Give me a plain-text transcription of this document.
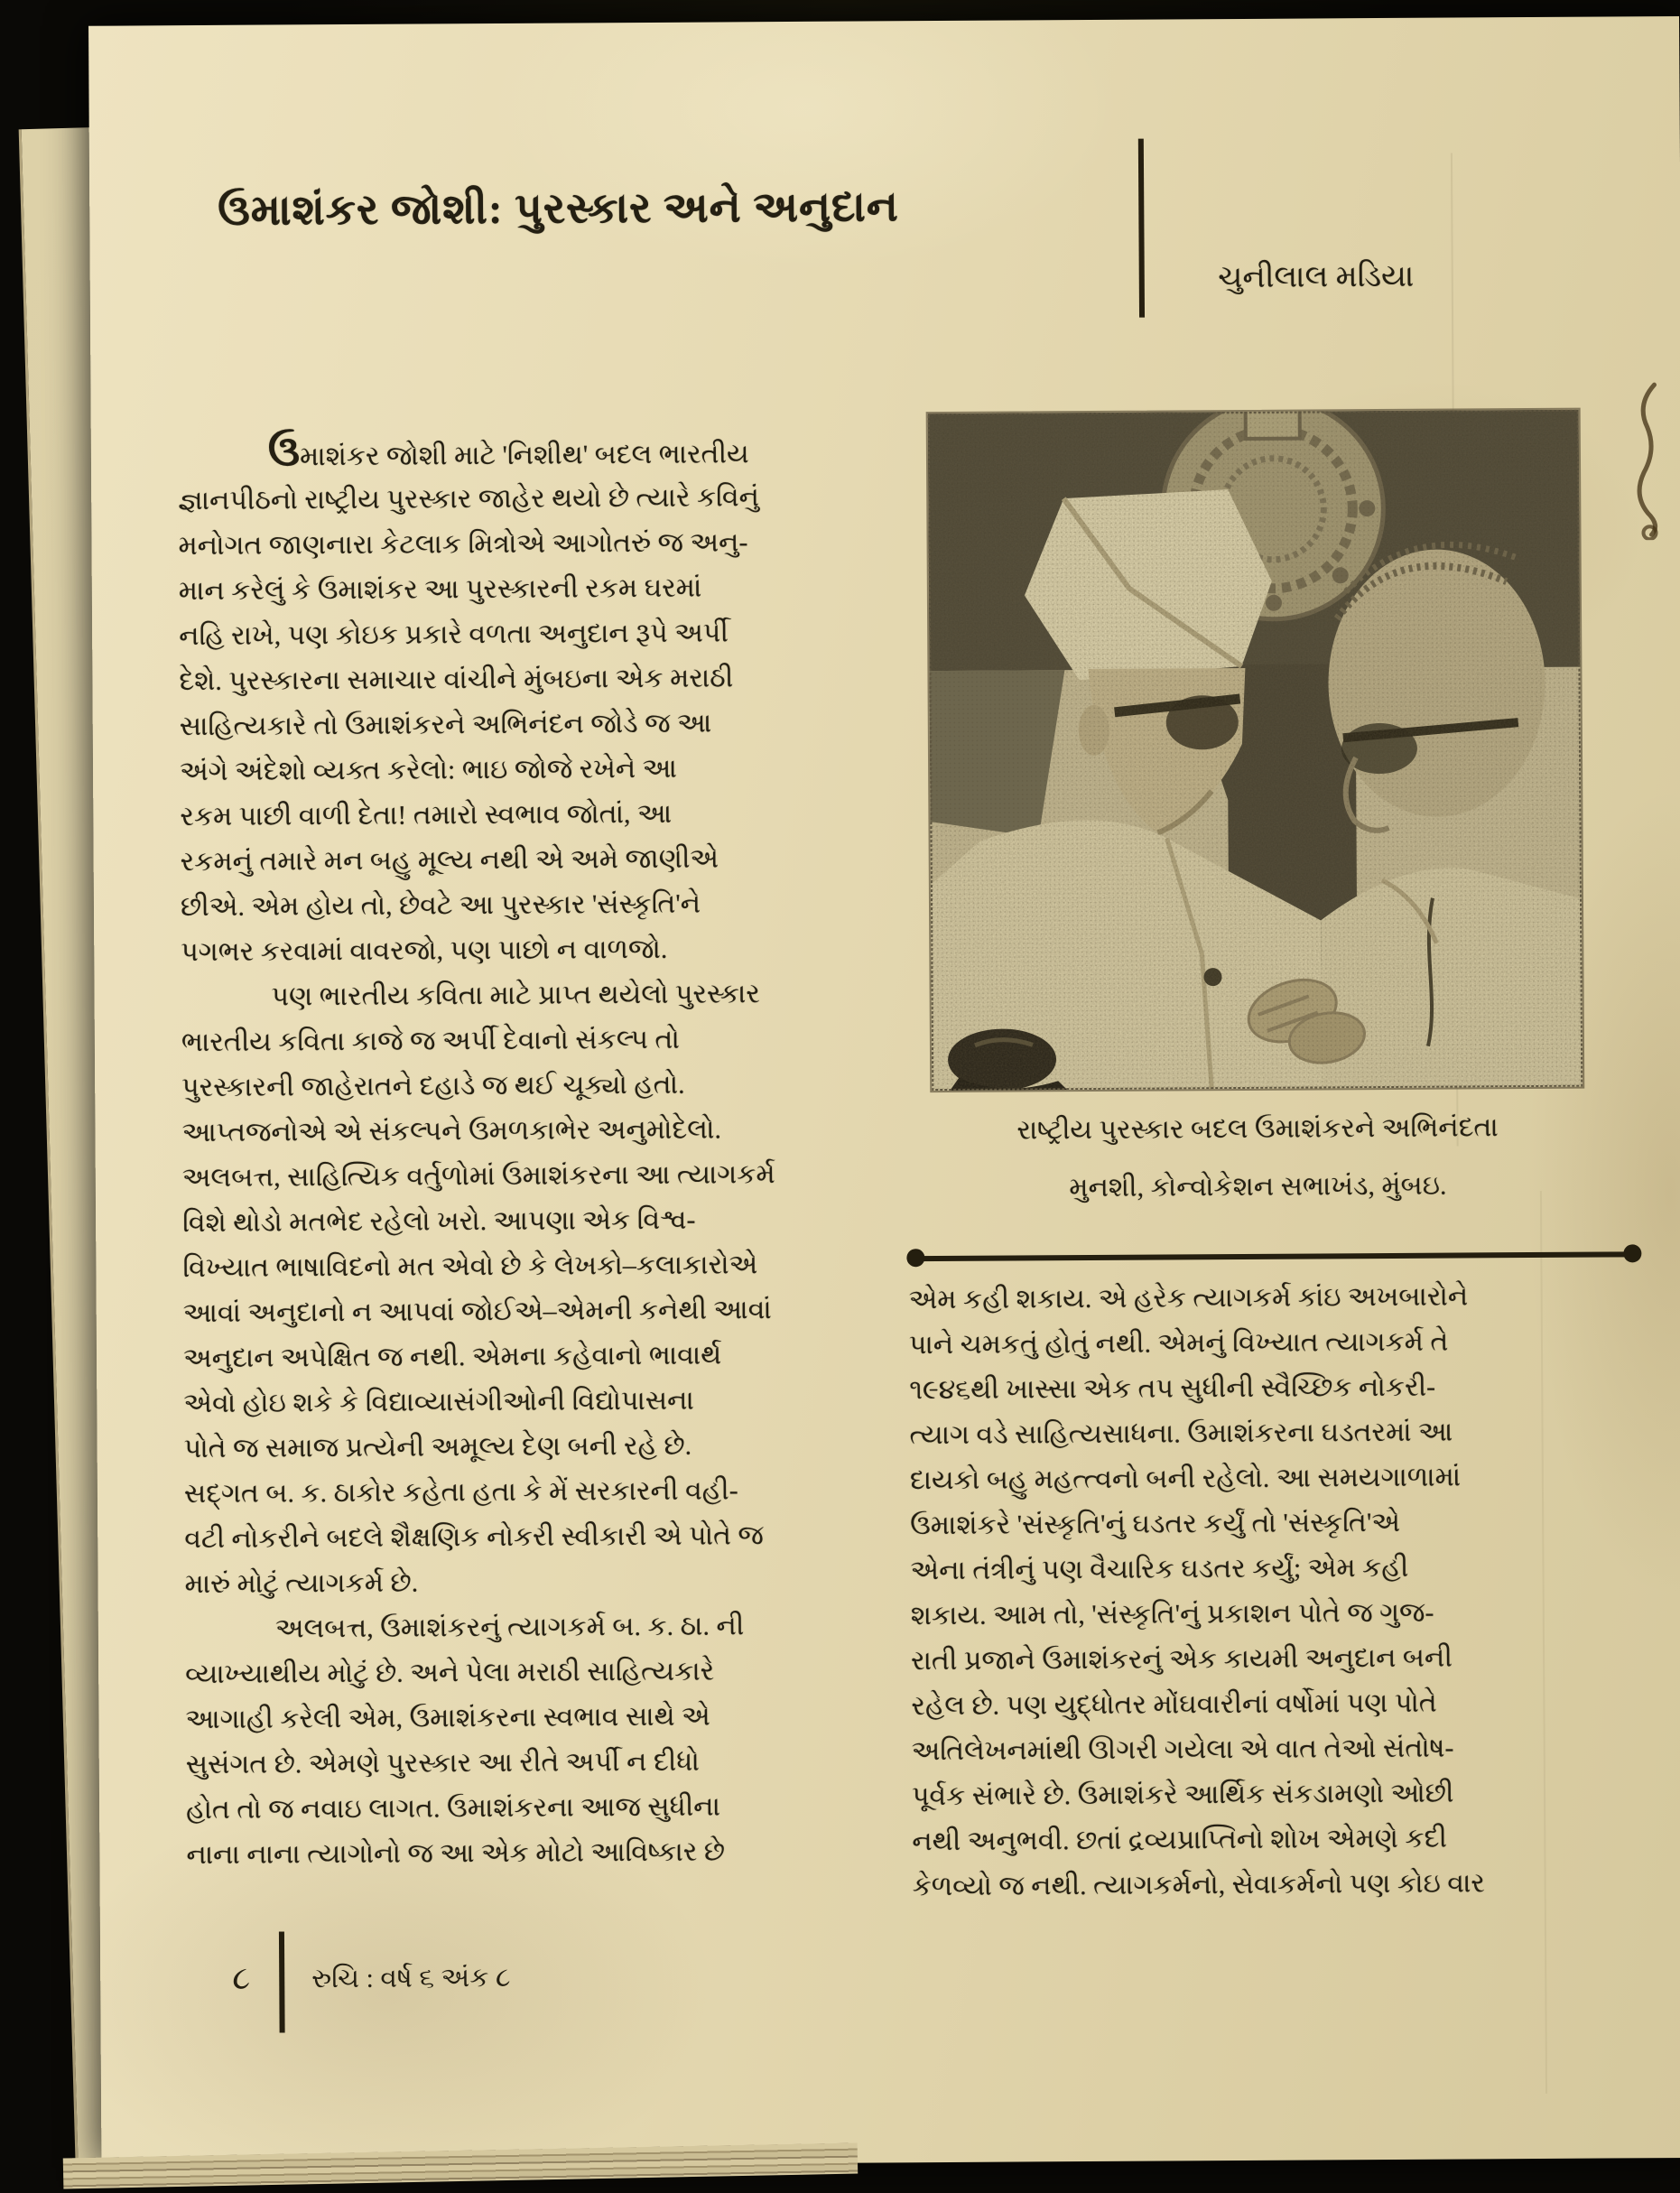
ઉમાશંકર જોશી: પુરસ્કાર અને અનુદાન
ચુનીલાલ મડિયા
ઉમાશંકર જોશી માટે 'નિશીથ' બદલ ભારતીય
જ્ઞાનપીઠનો રાષ્ટ્રીય પુરસ્કાર જાહેર થયો છે ત્યારે કવિનું
મનોગત જાણનારા કેટલાક મિત્રોએ આગોતરું જ અનુ-
માન કરેલું કે ઉમાશંકર આ પુરસ્કારની રકમ ઘરમાં
નહિ રાખે, પણ કોઇક પ્રકારે વળતા અનુદાન રૂપે અર્પી
દેશે. પુરસ્કારના સમાચાર વાંચીને મુંબઇના એક મરાઠી
સાહિત્યકારે તો ઉમાશંકરને અભિનંદન જોડે જ આ
અંગે અંદેશો વ્યક્ત કરેલો: ભાઇ જોજે રખેને આ
રકમ પાછી વાળી દેતા! તમારો સ્વભાવ જોતાં, આ
રકમનું તમારે મન બહુ મૂલ્ય નથી એ અમે જાણીએ
છીએ. એમ હોય તો, છેવટે આ પુરસ્કાર 'સંસ્કૃતિ'ને
પગભર કરવામાં વાવરજો, પણ પાછો ન વાળજો.
પણ ભારતીય કવિતા માટે પ્રાપ્ત થયેલો પુરસ્કાર
ભારતીય કવિતા કાજે જ અર્પી દેવાનો સંકલ્પ તો
પુરસ્કારની જાહેરાતને દહાડે જ થઈ ચૂક્યો હતો.
આપ્તજનોએ એ સંકલ્પને ઉમળકાભેર અનુમોદેલો.
અલબત્ત, સાહિત્યિક વર્તુળોમાં ઉમાશંકરના આ ત્યાગકર્મ
વિશે થોડો મતભેદ રહેલો ખરો. આપણા એક વિશ્વ-
વિખ્યાત ભાષાવિદનો મત એવો છે કે લેખકો–કલાકારોએ
આવાં અનુદાનો ન આપવાં જોઈએ–એમની કનેથી આવાં
અનુદાન અપેક્ષિત જ નથી. એમના કહેવાનો ભાવાર્થ
એવો હોઇ શકે કે વિદ્યાવ્યાસંગીઓની વિદ્યોપાસના
પોતે જ સમાજ પ્રત્યેની અમૂલ્ય દેણ બની રહે છે.
સદ્ગત બ. ક. ઠાકોર કહેતા હતા કે મેં સરકારની વહી-
વટી નોકરીને બદલે શૈક્ષણિક નોકરી સ્વીકારી એ પોતે જ
મારું મોટું ત્યાગકર્મ છે.
અલબત્ત, ઉમાશંકરનું ત્યાગકર્મ બ. ક. ઠા. ની
વ્યાખ્યાથીય મોટું છે. અને પેલા મરાઠી સાહિત્યકારે
આગાહી કરેલી એમ, ઉમાશંકરના સ્વભાવ સાથે એ
સુસંગત છે. એમણે પુરસ્કાર આ રીતે અર્પી ન દીધો
હોત તો જ નવાઇ લાગત. ઉમાશંકરના આજ સુધીના
નાના નાના ત્યાગોનો જ આ એક મોટો આવિષ્કાર છે
રાષ્ટ્રીય પુરસ્કાર બદલ ઉમાશંકરને અભિનંદતા
મુનશી, કોન્વોકેશન સભાખંડ, મુંબઇ.
એમ કહી શકાય. એ હરેક ત્યાગકર્મ કાંઇ અખબારોને
પાને ચમકતું હોતું નથી. એમનું વિખ્યાત ત્યાગકર્મ તે
૧૯૪૬થી ખાસ્સા એક તપ સુધીની સ્વૈચ્છિક નોકરી-
ત્યાગ વડે સાહિત્યસાધના. ઉમાશંકરના ઘડતરમાં આ
દાયકો બહુ મહત્ત્વનો બની રહેલો. આ સમયગાળામાં
ઉમાશંકરે 'સંસ્કૃતિ'નું ઘડતર કર્યું તો 'સંસ્કૃતિ'એ
એના તંત્રીનું પણ વૈચારિક ઘડતર કર્યું; એમ કહી
શકાય. આમ તો, 'સંસ્કૃતિ'નું પ્રકાશન પોતે જ ગુજ-
રાતી પ્રજાને ઉમાશંકરનું એક કાયમી અનુદાન બની
રહેલ છે. પણ યુદ્ધોતર મોંઘવારીનાં વર્ષોમાં પણ પોતે
અતિલેખનમાંથી ઊગરી ગયેલા એ વાત તેઓ સંતોષ-
પૂર્વક સંભારે છે. ઉમાશંકરે આર્થિક સંકડામણો ઓછી
નથી અનુભવી. છતાં દ્રવ્યપ્રાપ્તિનો શોખ એમણે કદી
કેળવ્યો જ નથી. ત્યાગકર્મનો, સેવાકર્મનો પણ કોઇ વાર
૮ રુચિ : વર્ષ ૬ અંક ૮
